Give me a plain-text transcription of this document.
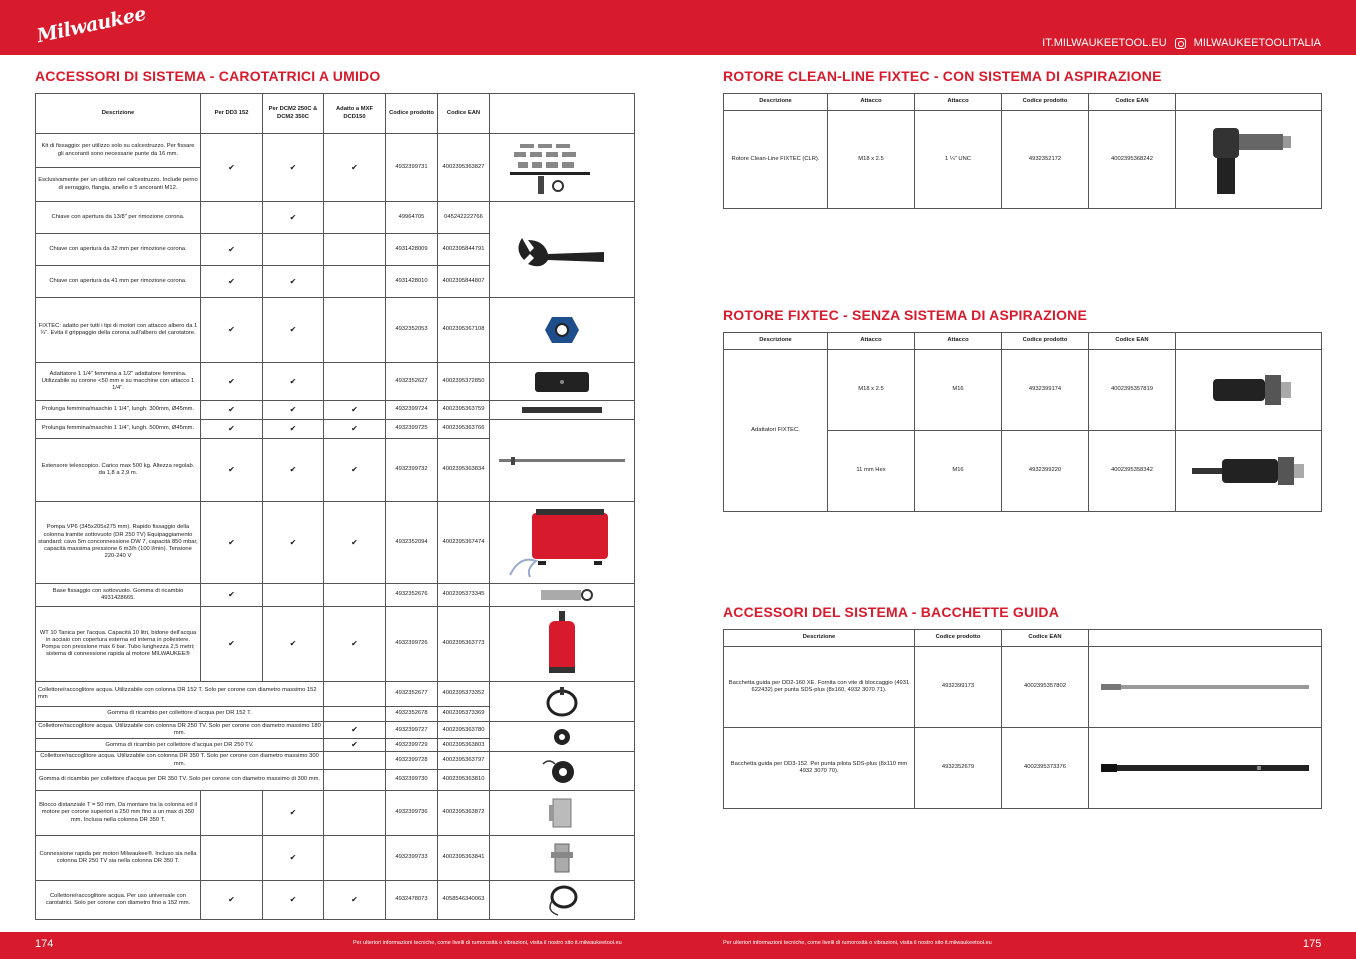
Milwaukee	IT.MILWAUKEETOOL.EU MILWAUKEETOOLITALIA
ACCESSORI DI SISTEMA - CAROTATRICI A UMIDO
Descrizione	Per DD3 152	Per DCM2 250C & DCM2 350C	Adatto a MXF DCD150	Codice prodotto	Codice EAN	
Kit di fissaggio: per utilizzo solo su calcestruzzo. Per fissare gli ancoranti sono necessarie punte da 16 mm.	✔	✔	✔	4932399731	4002395363827	

Esclusivamente per un utilizzo nel calcestruzzo. Include perno di serraggio, flangia, anello e 5 ancoranti M12.						
Chiave con apertura da 13/8" per rimozione corona.		✔		49964705	045242222766	

Chiave con apertura da 32 mm per rimozione corona.	✔			4931428009	4002395844791	
Chiave con apertura da 41 mm per rimozione corona.	✔	✔		4931428010	4002395844807	
FIXTEC: adatto per tutti i tipi di motori con attacco albero da 1 ¼". Evita il grippaggio della corona sull'albero del carotatore.	✔	✔		4932352053	4002395367108	

Adattatore 1 1/4" femmina a 1/2" adattatore femmina. Utilizzabile su corone <50 mm e su macchine con attacco 1 1/4".	✔	✔		4932352627	4002395372850	

Prolunga femmina/maschio 1 1/4", lungh. 300mm, Ø45mm.	✔	✔	✔	4932399724	4002395363759	

Prolunga femmina/maschio 1 1/4", lungh. 500mm, Ø45mm.	✔	✔	✔	4932399725	4002395363766	

Estensore telescopico. Carico max 500 kg. Altezza regolab. da 1,8 a 2,9 m.	✔	✔	✔	4932399732	4002395363834	
Pompa VP6 (345x205x275 mm). Rapido fissaggio della colonna tramite sottovuoto (DR 250 TV) Equipaggiamento standard: cavo 5m conconnessione DW 7, capacità 850 mbar, capacità massima pressione 6 m3/h (100 l/min). Tensione 220-240 V	✔	✔	✔	4932352094	4002395367474	

Base fissaggio con sottovuoto. Gomma di ricambio 4931428665.	✔			4932352676	4002395373345	

WT 10 Tanica per l'acqua. Capacità 10 litri, bidone dell'acqua in acciaio con copertura esterna ed interna in poliestere. Pompa con pressione max 6 bar. Tubo lunghezza 2,5 metri; sistema di connessione rapida al motore MILWAUKEE®	✔	✔	✔	4932399726	4002395363773	

Collettore/raccoglitore acqua. Utilizzabile con colonna DR 152 T. Solo per corone con diametro massimo 152 mm				4932352677	4002395373352	

Gomma di ricambio per collettore d'acqua per DR 152 T.				4932352678	4002395373369	
Collettore/raccoglitore acqua. Utilizzabile con colonna DR 250 TV. Solo per corone con diametro massimo 180 mm.			✔	4932399727	4002395363780	

Gomma di ricambio per collettore d'acqua per DR 250 TV.			✔	4932399729	4002395363803	
Collettore/raccoglitore acqua. Utilizzabile con colonna DR 350 T. Solo per corone con diametro massimo 300 mm.				4932399728	4002395363797	

Gomma di ricambio per collettore d'acqua per DR 350 TV. Solo per corone con diametro massimo di 300 mm.				4932399730	4002395363810	
Blocco distanziale T = 50 mm. Da montare tra la colonna ed il motore per corone superiori a 250 mm fino a un max di 350 mm. Inclusa nella colonna DR 350 T.		✔		4932399736	4002395363872	

Connessione rapida per motori Milwaukee®. Incluso sia nella colonna DR 250 TV sia nella colonna DR 350 T.		✔		4932399733	4002395363841	

Collettore/raccoglitore acqua. Per uso universale con carotatrici. Solo per corone con diametro fino a 152 mm.	✔	✔	✔	4932478073	4058546340063	
ROTORE CLEAN-LINE FIXTEC - CON SISTEMA DI ASPIRAZIONE
Descrizione	Attacco	Attacco	Codice prodotto	Codice EAN	
Rotore Clean-Line FIXTEC (CLR).	M18 x 2.5	1 ¼" UNC	4932352172	4002395368242	
ROTORE FIXTEC - SENZA SISTEMA DI ASPIRAZIONE
Descrizione	Attacco	Attacco	Codice prodotto	Codice EAN	
Adattatori FIXTEC.	M18 x 2.5	M16	4932399174	4002395357819	

	11 mm Hex	M16	4932399220	4002395358342	
ACCESSORI DEL SISTEMA - BACCHETTE GUIDA
Descrizione	Codice prodotto	Codice EAN	
Bacchetta guida per DD2-160 XE. Fornita con vite di bloccaggio (4931 622432) per punta SDS-plus (8x160, 4932 3070 71).	4932399173	4002395357802	

Bacchetta guida per DD3-152. Per punta pilota SDS-plus (8x110 mm 4932 3070 70).	4932352679	4002395373376	
174	Per ulteriori informazioni tecniche, come livelli di rumorosità o vibrazioni, visita il nostro sito it.milwaukeetool.eu	Per ulteriori informazioni tecniche, come livelli di rumorosità o vibrazioni, visita il nostro sito it.milwaukeetool.eu	175
